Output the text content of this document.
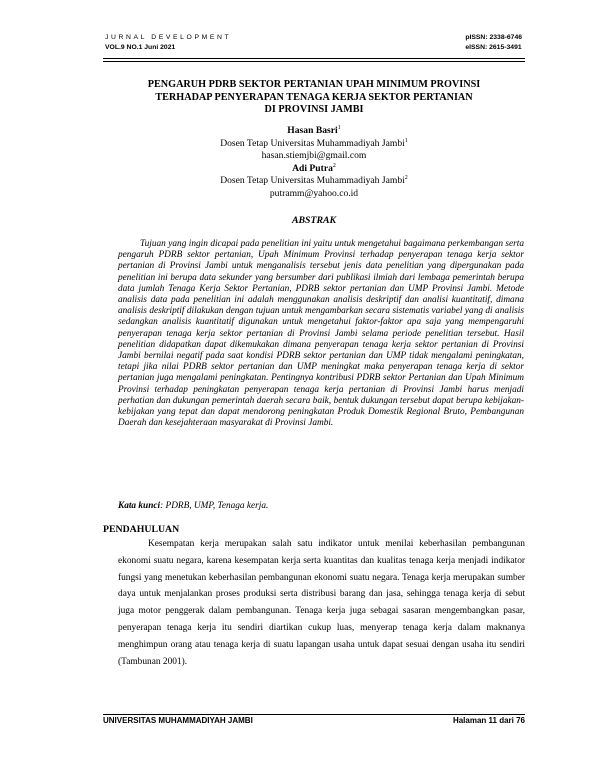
JURNAL DEVELOPMENT
VOL.9 NO.1 Juni 2021
pISSN: 2338-6746
eISSN: 2615-3491
PENGARUH PDRB SEKTOR PERTANIAN UPAH MINIMUM PROVINSI
TERHADAP PENYERAPAN TENAGA KERJA SEKTOR PERTANIAN
DI PROVINSI JAMBI
Hasan Basri$^1$
Dosen Tetap Universitas Muhammadiyah Jambi$^1$
hasan.stiemjbi@gmail.com
Adi Putra$^2$
Dosen Tetap Universitas Muhammadiyah Jambi$^2$
putramm@yahoo.co.id
ABSTRAK

Tujuan yang ingin dicapai pada penelitian ini yaitu untuk mengetahui bagaimana perkembangan serta pengaruh PDRB sektor pertanian, Upah Minimum Provinsi terhadap penyerapan tenaga kerja sektor pertanian di Provinsi Jambi untuk menganalisis tersebut jenis data penelitian yang dipergunakan pada penelitian ini berupa data sekunder yang bersumber dari publikasi ilmiah dari lembaga pemerintah berupa data jumlah Tenaga Kerja Sektor Pertanian, PDRB sektor pertanian dan UMP Provinsi Jambi. Metode analisis data pada penelitian ini adalah menggunakan analisis deskriptif dan analisi kuantitatif, dimana analisis deskriptif dilakukan dengan tujuan untuk mengambarkan secara sistematis variabel yang di analisis sedangkan analisis kuantitatif digunakan untuk mengetahui faktor-faktor apa saja yang mempengaruhi penyerapan tenaga kerja sektor pertanian di Provinsi Jambi selama periode penelitian tersebut. Hasil penelitian didapatkan dapat dikemukakan dimana penyerapan tenaga kerja sektor pertanian di Provinsi Jambi bernilai negatif pada saat kondisi PDRB sektor pertanian dan UMP tidak mengalami peningkatan, tetapi jika nilai PDRB sektor pertanian dan UMP meningkat maka penyerapan tenaga kerja di sektor pertanian juga mengalami peningkatan. Pentingnya kontribusi PDRB sektor Pertanian dan Upah Minimum Provinsi terhadap peningkatan penyerapan tenaga kerja pertanian di Provinsi Jambi harus menjadi perhatian dan dukungan pemerintah daerah secara baik, bentuk dukungan tersebut dapat berupa kebijakan-kebijakan yang tepat dan dapat mendorong peningkatan Produk Domestik Regional Bruto, Pembangunan Daerah dan kesejahteraan masyarakat di Provinsi Jambi.

Kata kunci: PDRB, UMP, Tenaga kerja.
PENDAHULUAN

Kesempatan kerja merupakan salah satu indikator untuk menilai keberhasilan pembangunan ekonomi suatu negara, karena kesempatan kerja serta kuantitas dan kualitas tenaga kerja menjadi indikator fungsi yang menetukan keberhasilan pembangunan ekonomi suatu negara. Tenaga kerja merupakan sumber daya untuk menjalankan proses produksi serta distribusi barang dan jasa, sehingga tenaga kerja di sebut juga motor penggerak dalam pembangunan. Tenaga kerja juga sebagai sasaran mengembangkan pasar, penyerapan tenaga kerja itu sendiri diartikan cukup luas, menyerap tenaga kerja dalam maknanya menghimpun orang atau tenaga kerja di suatu lapangan usaha untuk dapat sesuai dengan usaha itu sendiri (Tambunan 2001).

UNIVERSITAS MUHAMMADIYAH JAMBI	Halaman 11 dari 76
